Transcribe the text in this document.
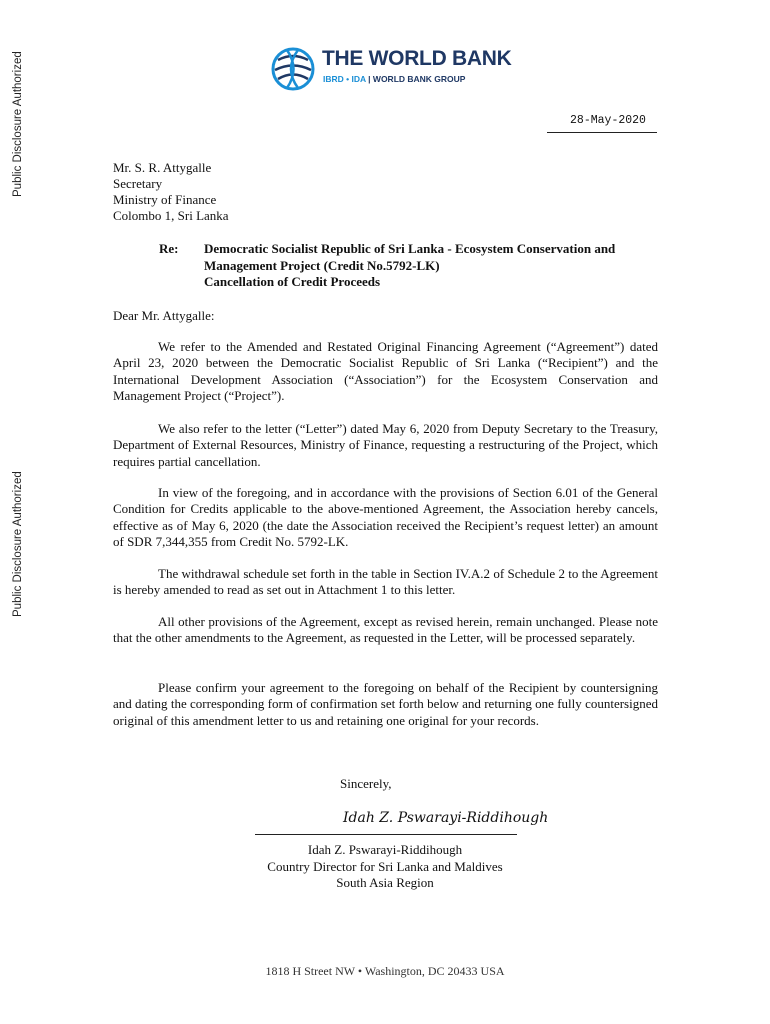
Public Disclosure Authorized
Public Disclosure Authorized
THE WORLD BANK
IBRD • IDA | WORLD BANK GROUP
28-May-2020
Mr. S. R. Attygalle
Secretary
Ministry of Finance
Colombo 1, Sri Lanka
Re: Democratic Socialist Republic of Sri Lanka - Ecosystem Conservation and
Management Project (Credit No.5792-LK)
Cancellation of Credit Proceeds
Dear Mr. Attygalle:

We refer to the Amended and Restated Original Financing Agreement (“Agreement”) dated April 23, 2020 between the Democratic Socialist Republic of Sri Lanka (“Recipient”) and the International Development Association (“Association”) for the Ecosystem Conservation and Management Project (“Project”).

We also refer to the letter (“Letter”) dated May 6, 2020 from Deputy Secretary to the Treasury, Department of External Resources, Ministry of Finance, requesting a restructuring of the Project, which requires partial cancellation.

In view of the foregoing, and in accordance with the provisions of Section 6.01 of the General Condition for Credits applicable to the above-mentioned Agreement, the Association hereby cancels, effective as of May 6, 2020 (the date the Association received the Recipient’s request letter) an amount of SDR 7,344,355 from Credit No. 5792-LK.

The withdrawal schedule set forth in the table in Section IV.A.2 of Schedule 2 to the Agreement is hereby amended to read as set out in Attachment 1 to this letter.

All other provisions of the Agreement, except as revised herein, remain unchanged. Please note that the other amendments to the Agreement, as requested in the Letter, will be processed separately.

Please confirm your agreement to the foregoing on behalf of the Recipient by countersigning and dating the corresponding form of confirmation set forth below and returning one fully countersigned original of this amendment letter to us and retaining one original for your records.

Sincerely,
Idah Z. Pswarayi-Riddihough
Idah Z. Pswarayi-Riddihough
Country Director for Sri Lanka and Maldives
South Asia Region
1818 H Street NW • Washington, DC 20433 USA
